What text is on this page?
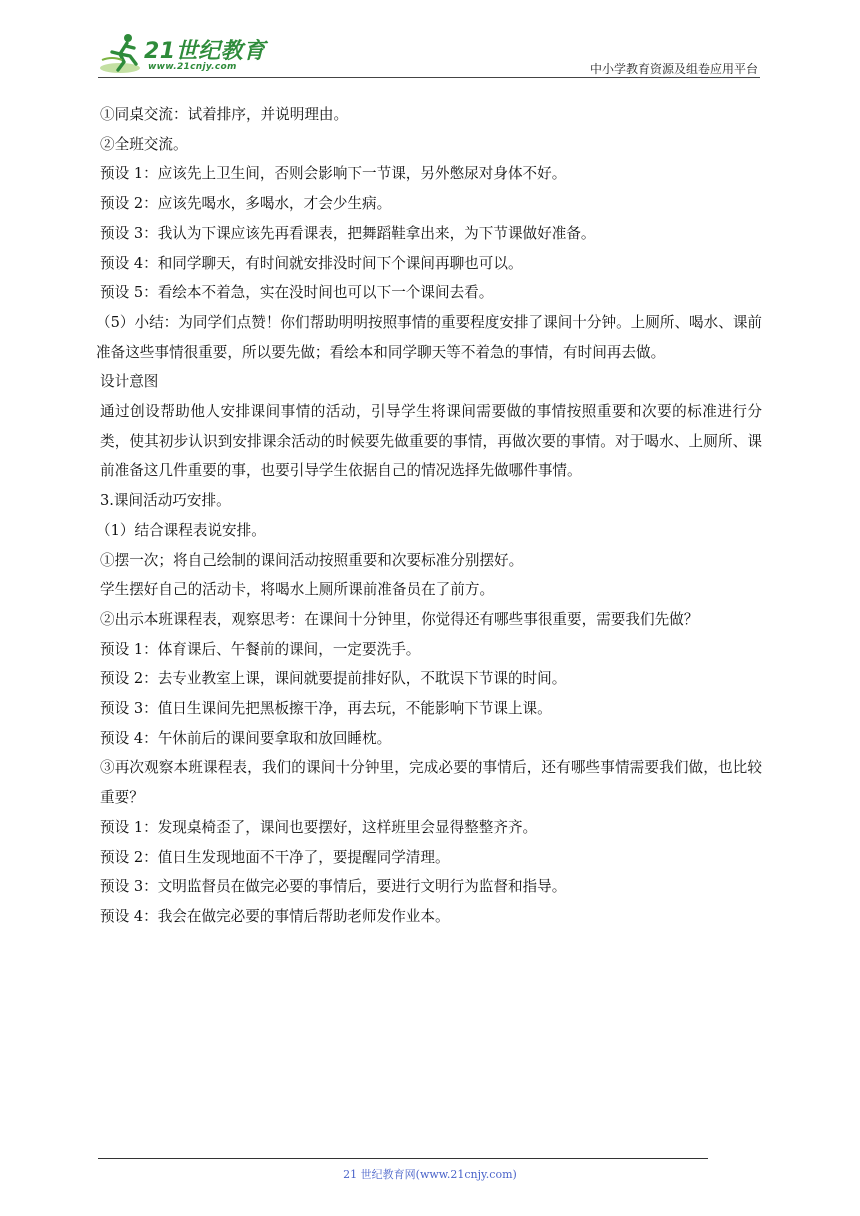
21世纪教育
www.21cnjy.com	中小学教育资源及组卷应用平台

①同桌交流：试着排序，并说明理由。

②全班交流。

预设 1：应该先上卫生间，否则会影响下一节课，另外憋尿对身体不好。

预设 2：应该先喝水，多喝水，才会少生病。

预设 3：我认为下课应该先再看课表，把舞蹈鞋拿出来，为下节课做好准备。

预设 4：和同学聊天，有时间就安排没时间下个课间再聊也可以。

预设 5：看绘本不着急，实在没时间也可以下一个课间去看。

（5）小结：为同学们点赞！你们帮助明明按照事情的重要程度安排了课间十分钟。上厕所、喝水、课前准备这些事情很重要，所以要先做；看绘本和同学聊天等不着急的事情，有时间再去做。

设计意图

通过创设帮助他人安排课间事情的活动，引导学生将课间需要做的事情按照重要和次要的标准进行分类，使其初步认识到安排课余活动的时候要先做重要的事情，再做次要的事情。对于喝水、上厕所、课前准备这几件重要的事，也要引导学生依据自己的情况选择先做哪件事情。

3.课间活动巧安排。

（1）结合课程表说安排。

①摆一次；将自己绘制的课间活动按照重要和次要标准分别摆好。

学生摆好自己的活动卡，将喝水上厕所课前准备员在了前方。

②出示本班课程表，观察思考：在课间十分钟里，你觉得还有哪些事很重要，需要我们先做？

预设 1：体育课后、午餐前的课间，一定要洗手。

预设 2：去专业教室上课，课间就要提前排好队，不耽误下节课的时间。

预设 3：值日生课间先把黑板擦干净，再去玩，不能影响下节课上课。

预设 4：午休前后的课间要拿取和放回睡枕。

③再次观察本班课程表，我们的课间十分钟里，完成必要的事情后，还有哪些事情需要我们做，也比较重要？

预设 1：发现桌椅歪了，课间也要摆好，这样班里会显得整整齐齐。

预设 2：值日生发现地面不干净了，要提醒同学清理。

预设 3：文明监督员在做完必要的事情后，要进行文明行为监督和指导。

预设 4：我会在做完必要的事情后帮助老师发作业本。

21 世纪教育网(www.21cnjy.com)
